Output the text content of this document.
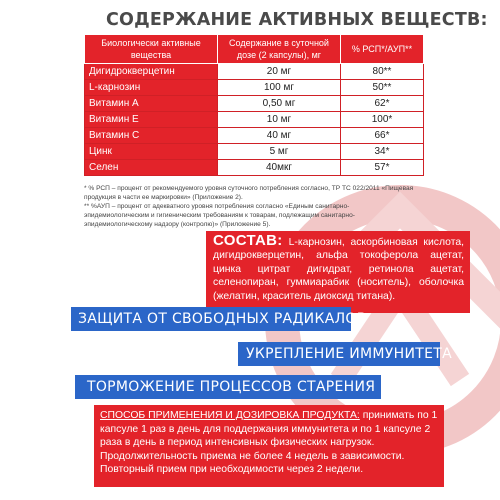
СОДЕРЖАНИЕ АКТИВНЫХ ВЕЩЕСТВ:
Биологически активные вещества	Содержание в суточной дозе (2 капсулы), мг	% РСП*/АУП**
Дигидрокверцетин	20 мг	80**
L-карнозин	100 мг	50**
Витамин А	0,50 мг	62*
Витамин Е	10 мг	100*
Витамин С	40 мг	66*
Цинк	5 мг	34*
Селен	40мкг	57*

* % РСП – процент от рекомендуемого уровня суточного потребления согласно, ТР ТС 022/2011 «Пищевая продукция в части ее маркировки» (Приложение 2).

** %АУП – процент от адекватного уровня потребления согласно «Единым санитарно-эпидемиологическим и гигиеническим требованиям к товарам, подлежащим санитарно-эпидемиологическому надзору (контролю)» (Приложение 5).

СОСТАВ: L-карнозин, аскорбиновая кислота, дигидрокверцетин, альфа токоферола ацетат, цинка цитрат дигидрат, ретинола ацетат, селенопиран, гуммиарабик (носитель), оболочка (желатин, краситель диоксид титана).
ЗАЩИТА ОТ СВОБОДНЫХ РАДИКАЛОВ
УКРЕПЛЕНИЕ ИММУНИТЕТА
ТОРМОЖЕНИЕ ПРОЦЕССОВ СТАРЕНИЯ
СПОСОБ ПРИМЕНЕНИЯ И ДОЗИРОВКА ПРОДУКТА: принимать по 1 капсуле 1 раз в день для поддержания иммунитета и по 1 капсуле 2 раза в день в период интенсивных физических нагрузок. Продолжительность приема не более 4 недель в зависимости. Повторный прием при необходимости через 2 недели.
